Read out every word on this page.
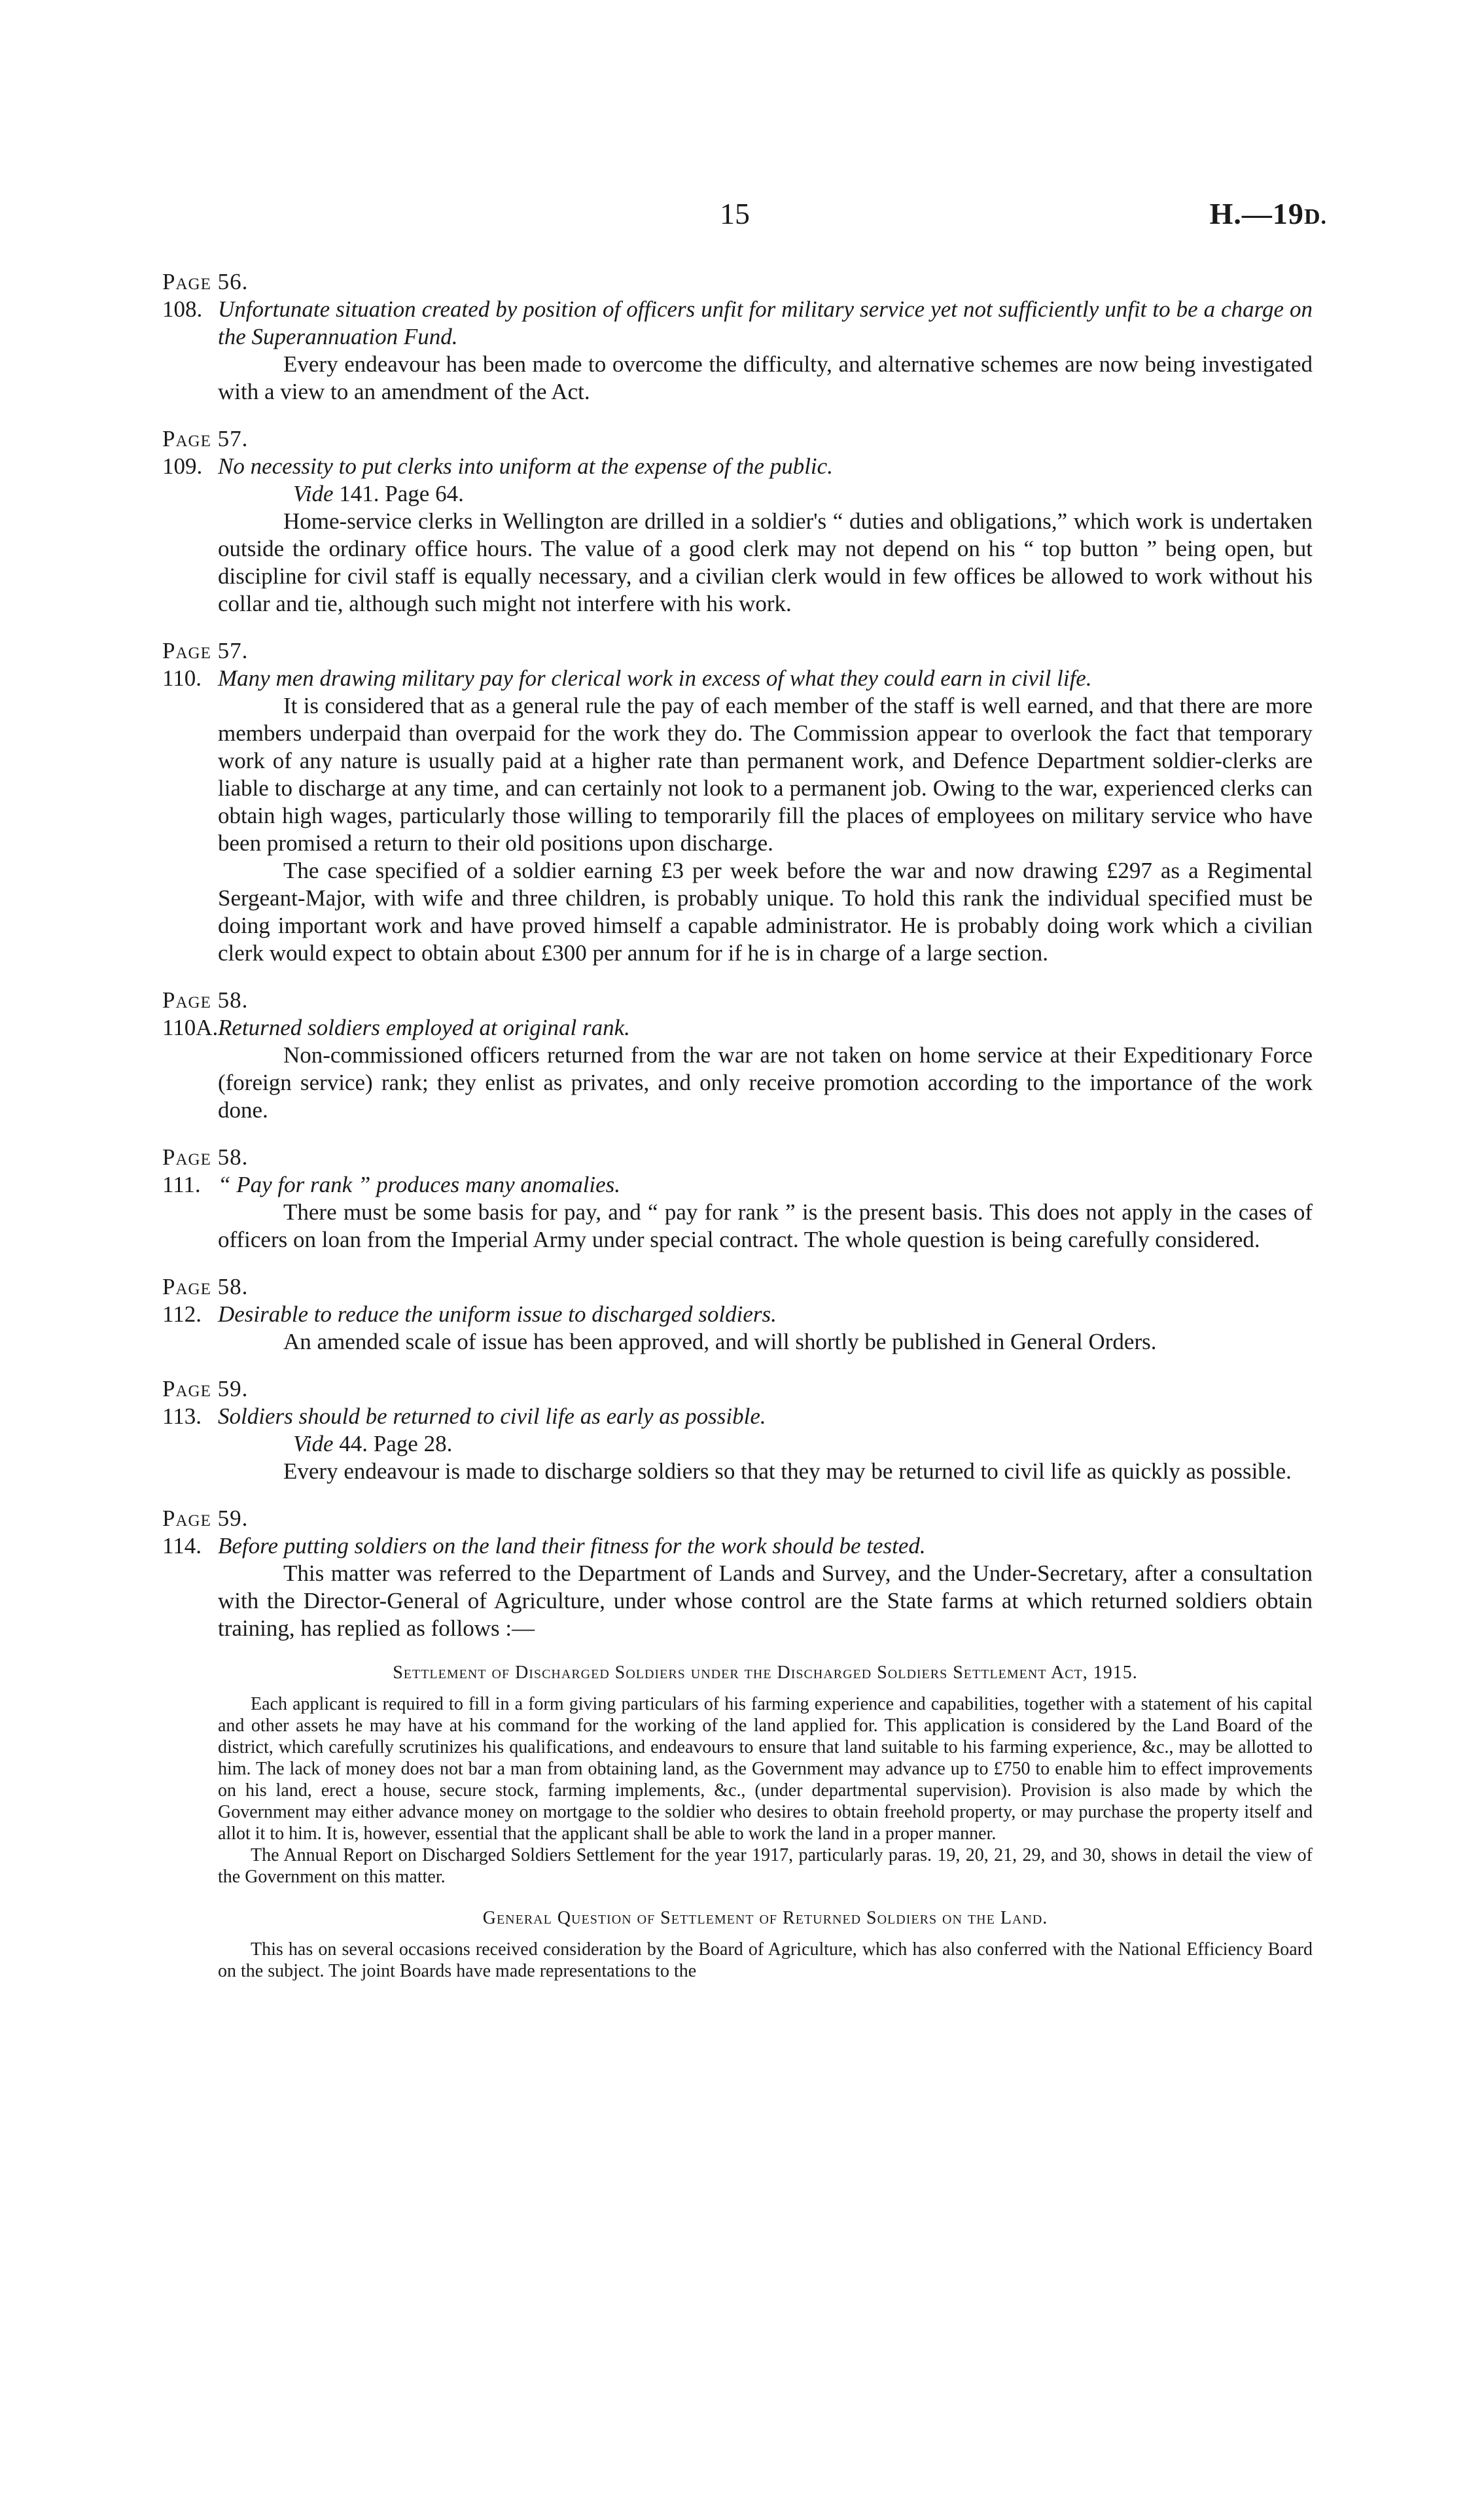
15	H.—19D.
Page 56.
108. Unfortunate situation created by position of officers unfit for military service yet not sufficiently unfit to be a charge on the Superannuation Fund.
Every endeavour has been made to overcome the difficulty, and alternative schemes are now being investigated with a view to an amendment of the Act.
Page 57.
109. No necessity to put clerks into uniform at the expense of the public.
Vide 141. Page 64.
Home-service clerks in Wellington are drilled in a soldier's “ duties and obligations,” which work is undertaken outside the ordinary office hours. The value of a good clerk may not depend on his “ top button ” being open, but discipline for civil staff is equally necessary, and a civilian clerk would in few offices be allowed to work without his collar and tie, although such might not interfere with his work.
Page 57.
110. Many men drawing military pay for clerical work in excess of what they could earn in civil life.
It is considered that as a general rule the pay of each member of the staff is well earned, and that there are more members underpaid than overpaid for the work they do. The Commission appear to overlook the fact that temporary work of any nature is usually paid at a higher rate than permanent work, and Defence Department soldier-clerks are liable to discharge at any time, and can certainly not look to a permanent job. Owing to the war, experienced clerks can obtain high wages, particularly those willing to temporarily fill the places of employees on military service who have been promised a return to their old positions upon discharge.
The case specified of a soldier earning £3 per week before the war and now drawing £297 as a Regimental Sergeant-Major, with wife and three children, is probably unique. To hold this rank the individual specified must be doing important work and have proved himself a capable administrator. He is probably doing work which a civilian clerk would expect to obtain about £300 per annum for if he is in charge of a large section.
Page 58.
110A.Returned soldiers employed at original rank.
Non-commissioned officers returned from the war are not taken on home service at their Expeditionary Force (foreign service) rank; they enlist as privates, and only receive promotion according to the importance of the work done.
Page 58.
111. “ Pay for rank ” produces many anomalies.
There must be some basis for pay, and “ pay for rank ” is the present basis. This does not apply in the cases of officers on loan from the Imperial Army under special contract. The whole question is being carefully considered.
Page 58.
112. Desirable to reduce the uniform issue to discharged soldiers.
An amended scale of issue has been approved, and will shortly be published in General Orders.
Page 59.
113. Soldiers should be returned to civil life as early as possible.
Vide 44. Page 28.
Every endeavour is made to discharge soldiers so that they may be returned to civil life as quickly as possible.
Page 59.
114. Before putting soldiers on the land their fitness for the work should be tested.
This matter was referred to the Department of Lands and Survey, and the Under-Secretary, after a consultation with the Director-General of Agriculture, under whose control are the State farms at which returned soldiers obtain training, has replied as follows :—
Settlement of Discharged Soldiers under the Discharged Soldiers Settlement Act, 1915.
Each applicant is required to fill in a form giving particulars of his farming experience and capabilities, together with a statement of his capital and other assets he may have at his command for the working of the land applied for. This application is considered by the Land Board of the district, which carefully scrutinizes his qualifications, and endeavours to ensure that land suitable to his farming experience, &c., may be allotted to him. The lack of money does not bar a man from obtaining land, as the Government may advance up to £750 to enable him to effect improvements on his land, erect a house, secure stock, farming implements, &c., (under departmental supervision). Provision is also made by which the Government may either advance money on mortgage to the soldier who desires to obtain freehold property, or may purchase the property itself and allot it to him. It is, however, essential that the applicant shall be able to work the land in a proper manner.
The Annual Report on Discharged Soldiers Settlement for the year 1917, particularly paras. 19, 20, 21, 29, and 30, shows in detail the view of the Government on this matter.
General Question of Settlement of Returned Soldiers on the Land.
This has on several occasions received consideration by the Board of Agriculture, which has also conferred with the National Efficiency Board on the subject. The joint Boards have made representations to the
